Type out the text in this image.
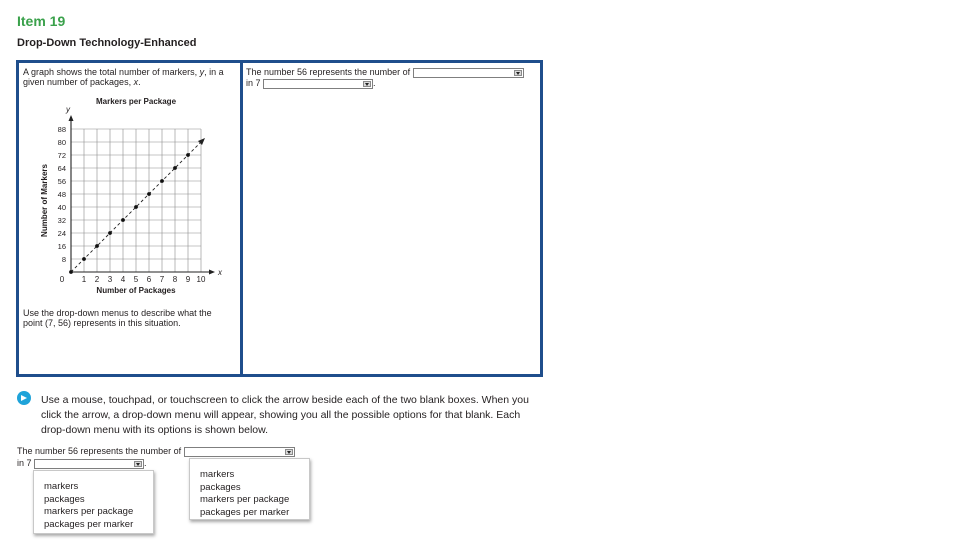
Item 19
Drop-Down Technology-Enhanced
A graph shows the total number of markers, y, in a given number of packages, x.
x
y
1 2 3 4 5 6 7 8 9 10
8
16
24
32
40
48
56
64
72
80
88
0
Markers per Package
Number of Packages
Number of Markers
Use the drop-down menus to describe what the point (7, 56) represents in this situation.
The number 56 represents the number of

in 7	.
Use a mouse, touchpad, or touchscreen to click the arrow beside each of the two blank boxes. When you click the arrow, a drop-down menu will appear, showing you all the possible options for that blank. Each drop-down menu with its options is shown below.
The number 56 represents the number of
in 7	.
markers
packages
markers per package
packages per marker
markers
packages
markers per package
packages per marker
